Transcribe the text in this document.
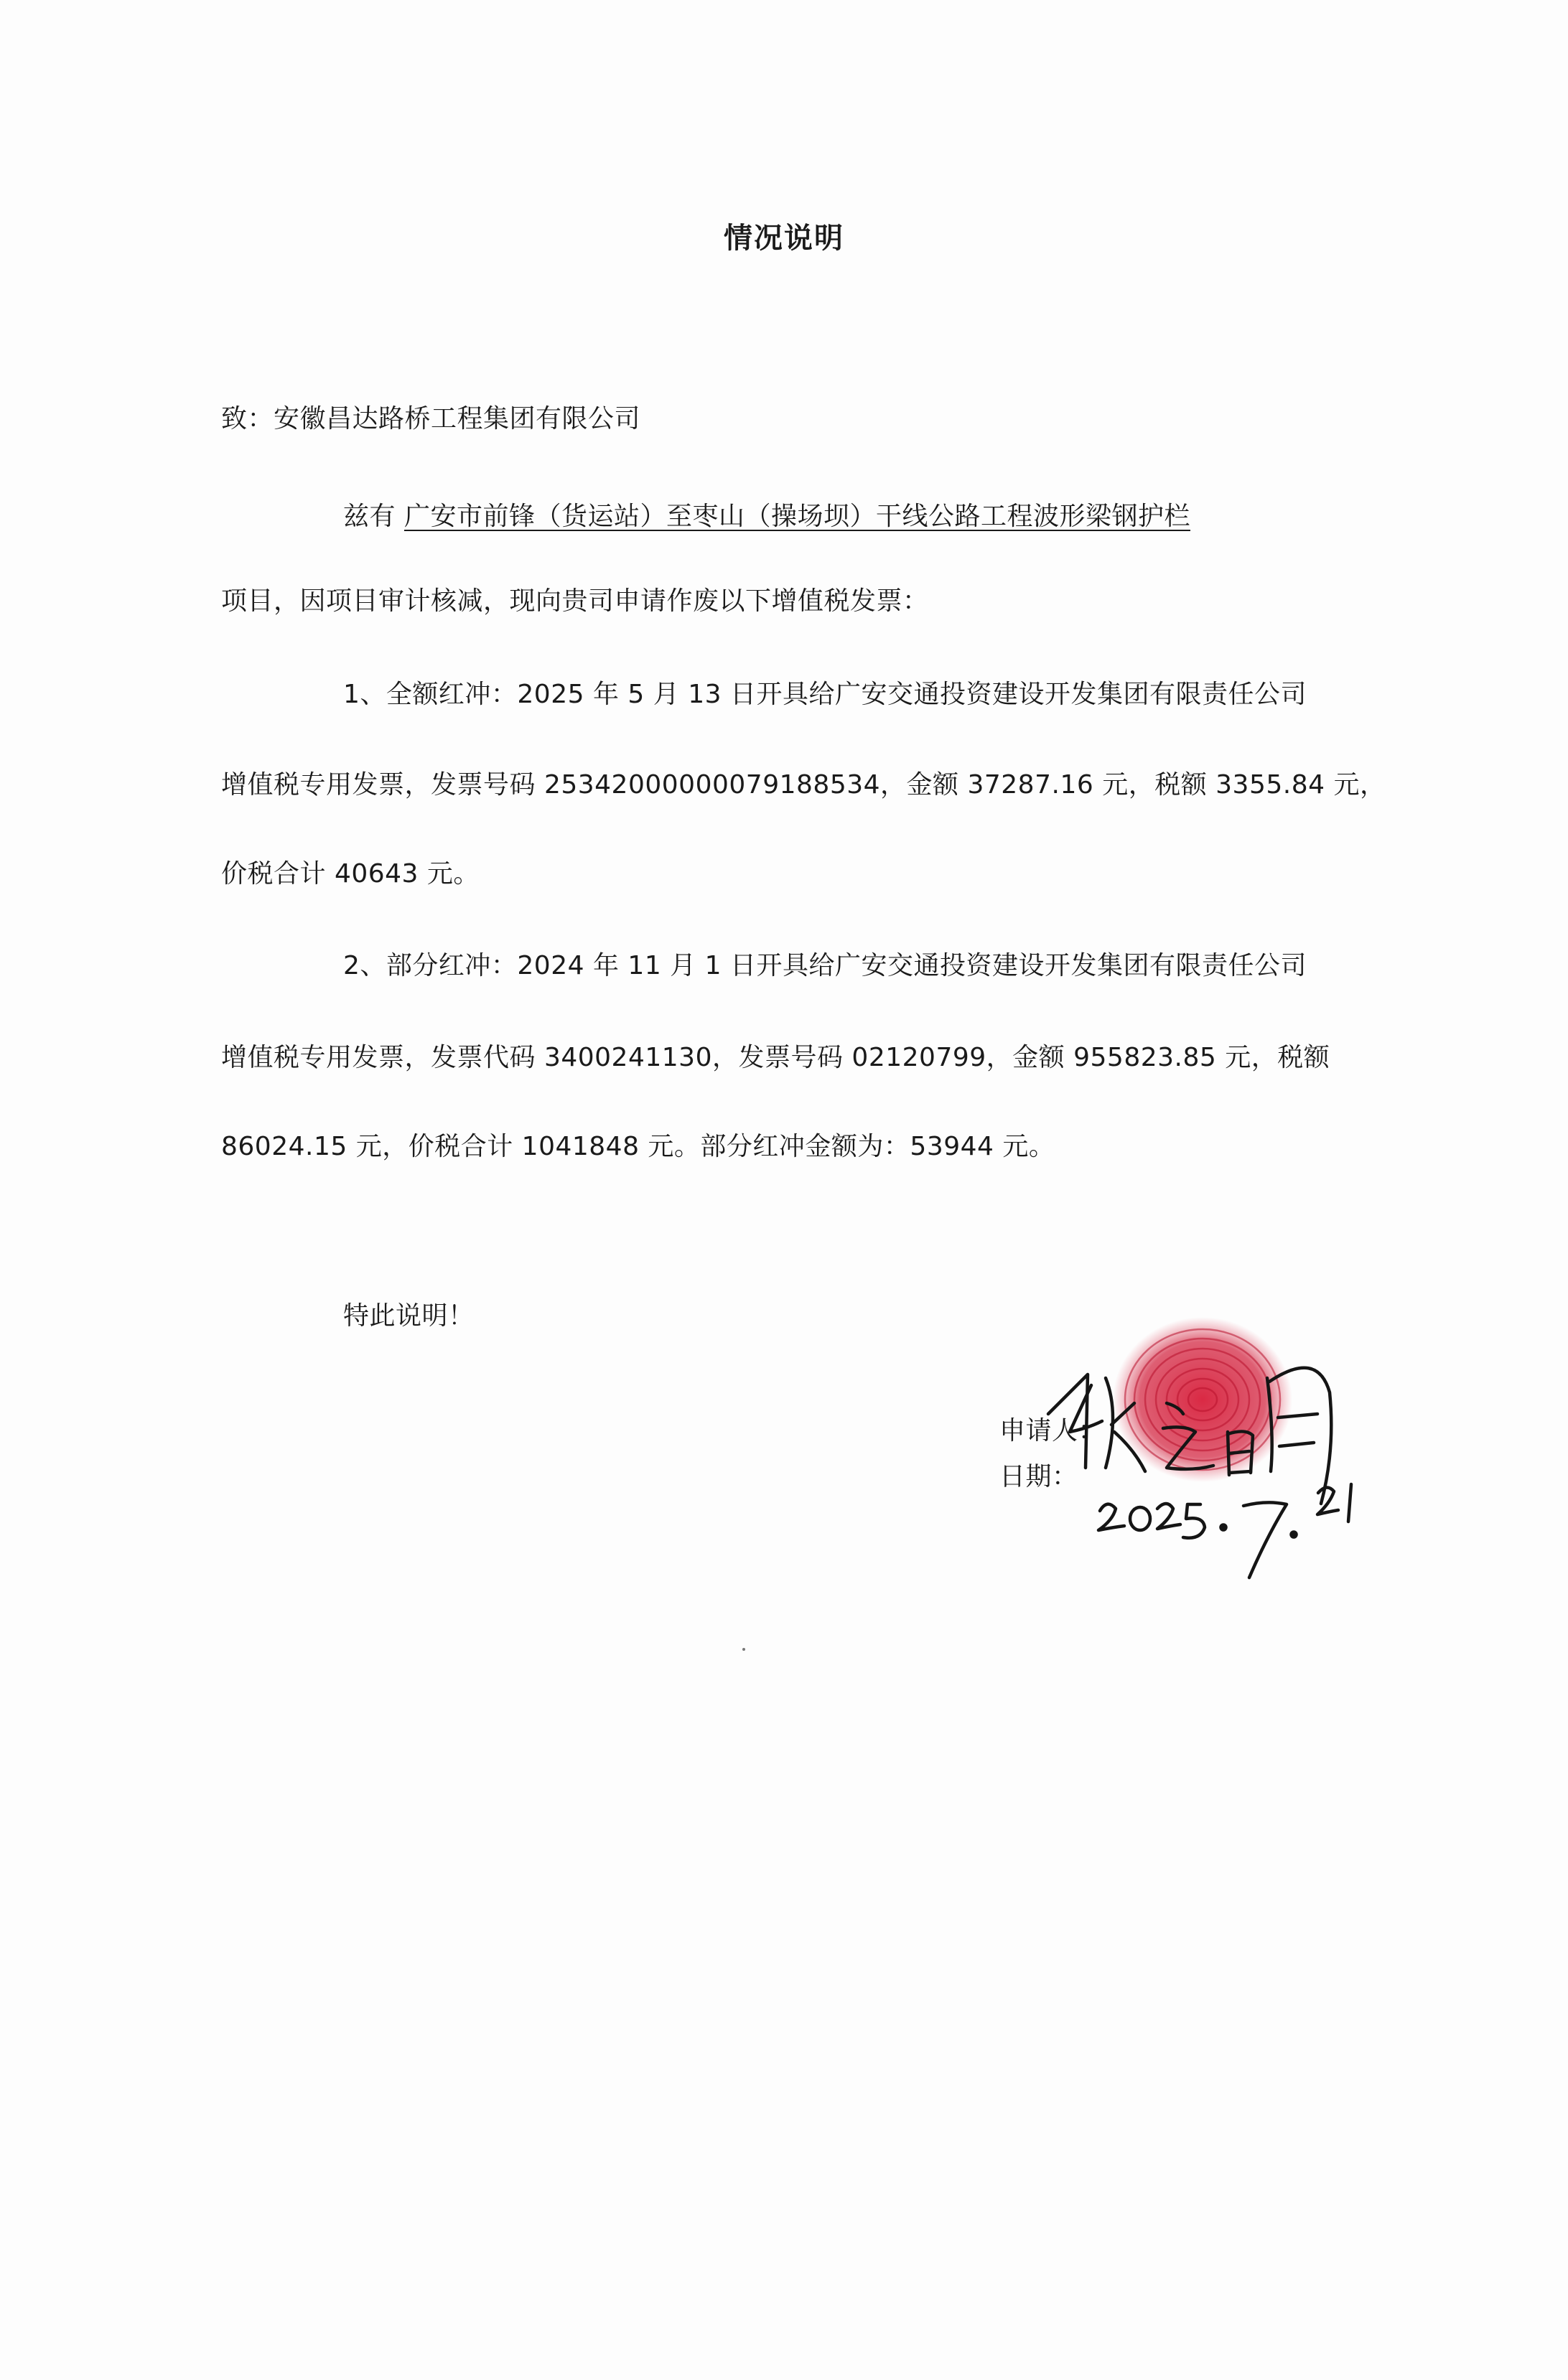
情况说明
致：安徽昌达路桥工程集团有限公司
兹有 广安市前锋（货运站）至枣山（操场坝）干线公路工程波形梁钢护栏
项目，因项目审计核减，现向贵司申请作废以下增值税发票：
1、全额红冲：2025 年 5 月 13 日开具给广安交通投资建设开发集团有限责任公司
增值税专用发票，发票号码 25342000000079188534，金额 37287.16 元，税额 3355.84 元，
价税合计 40643 元。
2、部分红冲：2024 年 11 月 1 日开具给广安交通投资建设开发集团有限责任公司
增值税专用发票，发票代码 3400241130，发票号码 02120799，金额 955823.85 元，税额
86024.15 元，价税合计 1041848 元。部分红冲金额为：53944 元。
特此说明！
申请人：
日期：
